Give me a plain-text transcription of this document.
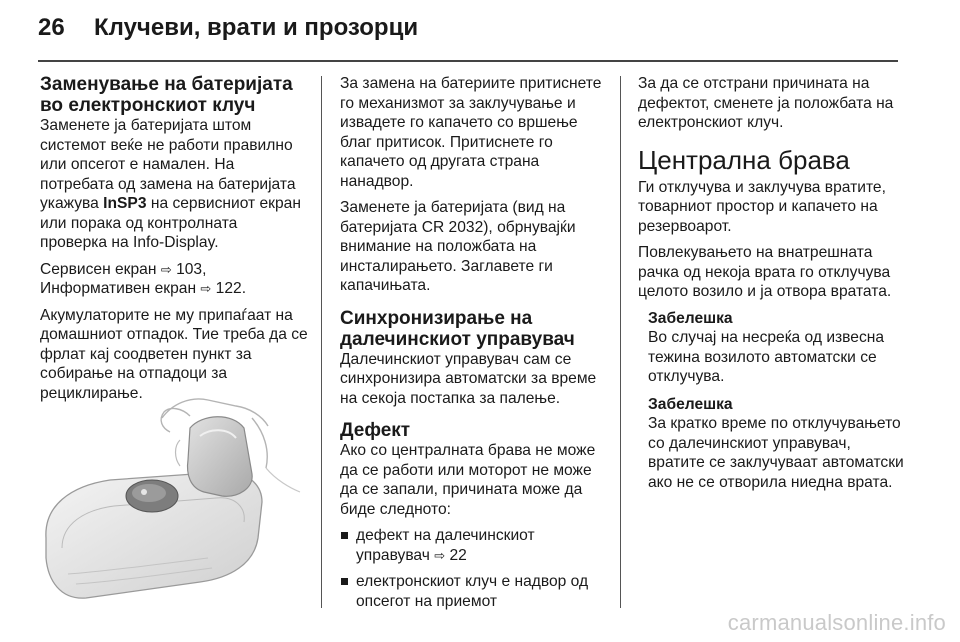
26	Клучеви, врати и прозорци
Заменување на батеријата во електронскиот клуч
Заменете ја батеријата штом системот веќе не работи правилно или опсегот е намален. На потребата од замена на батеријата укажува InSP3 на сервисниот екран или порака од контролната проверка на Info-Display.
Сервисен екран ⇨ 103,
Информативен екран ⇨ 122.
Акумулаторите не му припаѓаат на домашниот отпадок. Тие треба да се фрлат кај соодветен пункт за собирање на отпадоци за рециклирање.
За замена на батериите притиснете го механизмот за заклучување и извадете го капачето со вршење благ притисок. Притиснете го капачето од другата страна нанадвор.
Заменете ја батеријата (вид на батеријата CR 2032), обрнувајќи внимание на положбата на инсталирањето. Заглавете ги капачињата.
Синхронизирање на далечинскиот управувач
Далечинскиот управувач сам се синхронизира автоматски за време на секоја постапка за палење.
Дефект
Ако со централната брава не може да се работи или моторот не може да се запали, причината може да биде следното:
дефект на далечинскиот управувач ⇨ 22
електронскиот клуч е надвор од опсегот на приемот
За да се отстрани причината на дефектот, сменете ја положбата на електронскиот клуч.
Централна брава
Ги отклучува и заклучува вратите, товарниот простор и капачето на резервоарот.
Повлекувањето на внатрешната рачка од некоја врата го отклучува целото возило и ја отвора вратата.
Забелешка
Во случај на несреќа од извесна тежина возилото автоматски се отклучува.
Забелешка
За кратко време по отклучувањето со далечинскиот управувач, вратите се заклучуваат автоматски ако не се отворила ниедна врата.
carmanualsonline.info
